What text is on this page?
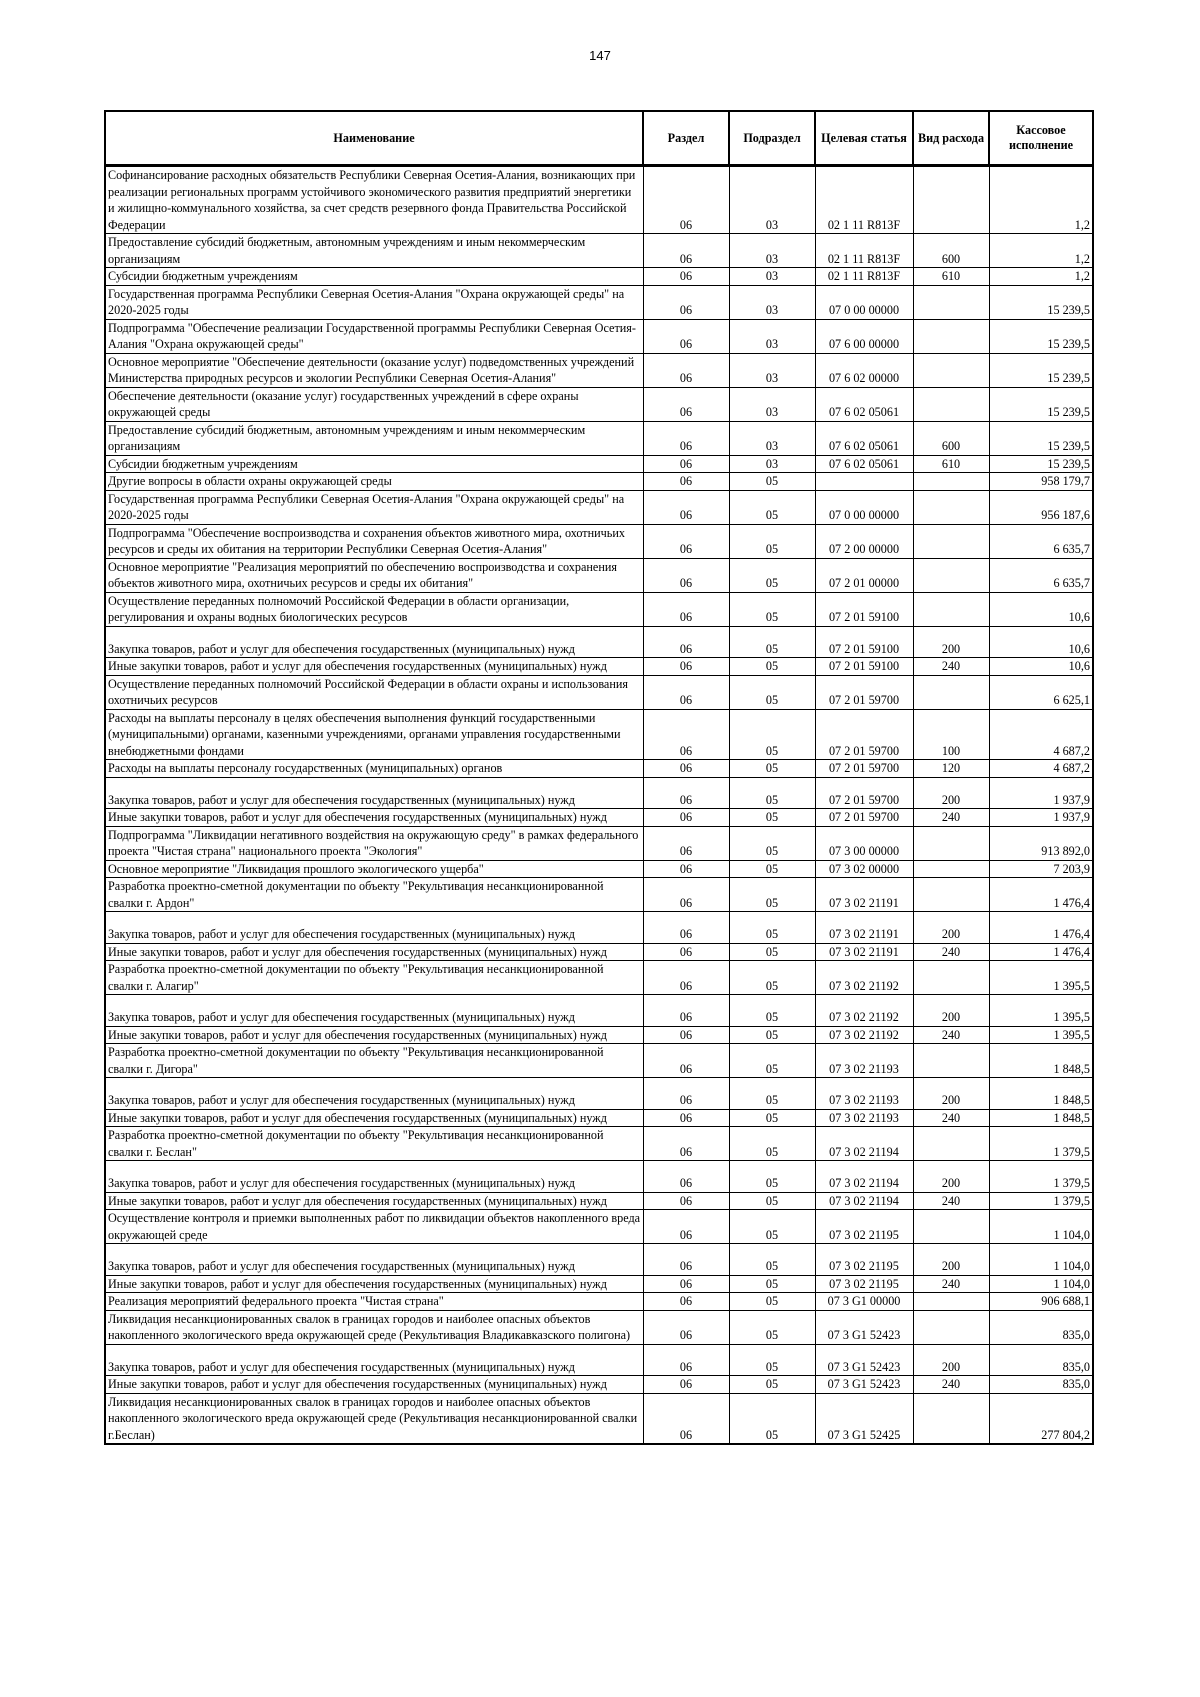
147
Наименование	Раздел	Подраздел	Целевая статья	Вид расхода	Кассовое исполнение

Софинансирование расходных обязательств Республики Северная Осетия-Алания, возникающих при реализации региональных программ устойчивого экономического развития предприятий энергетики и жилищно-коммунального хозяйства, за счет средств резервного фонда Правительства Российской Федерации	06	03	02 1 11 R813F		1,2

Предоставление субсидий бюджетным, автономным учреждениям и иным некоммерческим организациям	06	03	02 1 11 R813F	600	1,2

Субсидии бюджетным учреждениям	06	03	02 1 11 R813F	610	1,2

Государственная программа Республики Северная Осетия-Алания "Охрана окружающей среды" на 2020-2025 годы	06	03	07 0 00 00000		15 239,5

Подпрограмма "Обеспечение реализации Государственной программы Республики Северная Осетия-Алания "Охрана окружающей среды"	06	03	07 6 00 00000		15 239,5

Основное мероприятие "Обеспечение деятельности (оказание услуг) подведомственных учреждений Министерства природных ресурсов и экологии Республики Северная Осетия-Алания"	06	03	07 6 02 00000		15 239,5

Обеспечение деятельности (оказание услуг) государственных учреждений в сфере охраны окружающей среды	06	03	07 6 02 05061		15 239,5

Предоставление субсидий бюджетным, автономным учреждениям и иным некоммерческим организациям	06	03	07 6 02 05061	600	15 239,5

Субсидии бюджетным учреждениям	06	03	07 6 02 05061	610	15 239,5

Другие вопросы в области охраны окружающей среды	06	05			958 179,7

Государственная программа Республики Северная Осетия-Алания "Охрана окружающей среды" на 2020-2025 годы	06	05	07 0 00 00000		956 187,6

Подпрограмма "Обеспечение воспроизводства и сохранения объектов животного мира, охотничьих ресурсов и среды их обитания на территории Республики Северная Осетия-Алания"	06	05	07 2 00 00000		6 635,7

Основное мероприятие "Реализация мероприятий по обеспечению воспроизводства и сохранения объектов животного мира, охотничьих ресурсов и среды их обитания"	06	05	07 2 01 00000		6 635,7

Осуществление переданных полномочий Российской Федерации в области организации, регулирования и охраны водных биологических ресурсов	06	05	07 2 01 59100		10,6

Закупка товаров, работ и услуг для обеспечения государственных (муниципальных) нужд	06	05	07 2 01 59100	200	10,6

Иные закупки товаров, работ и услуг для обеспечения государственных (муниципальных) нужд	06	05	07 2 01 59100	240	10,6

Осуществление переданных полномочий Российской Федерации в области охраны и использования охотничьих ресурсов	06	05	07 2 01 59700		6 625,1

Расходы на выплаты персоналу в целях обеспечения выполнения функций государственными (муниципальными) органами, казенными учреждениями, органами управления государственными внебюджетными фондами	06	05	07 2 01 59700	100	4 687,2

Расходы на выплаты персоналу государственных (муниципальных) органов	06	05	07 2 01 59700	120	4 687,2

Закупка товаров, работ и услуг для обеспечения государственных (муниципальных) нужд	06	05	07 2 01 59700	200	1 937,9

Иные закупки товаров, работ и услуг для обеспечения государственных (муниципальных) нужд	06	05	07 2 01 59700	240	1 937,9

Подпрограмма "Ликвидации негативного воздействия на окружающую среду" в рамках федерального проекта "Чистая страна" национального проекта "Экология"	06	05	07 3 00 00000		913 892,0

Основное мероприятие "Ликвидация прошлого экологического ущерба"	06	05	07 3 02 00000		7 203,9

Разработка проектно-сметной документации по объекту "Рекультивация несанкционированной свалки г. Ардон"	06	05	07 3 02 21191		1 476,4

Закупка товаров, работ и услуг для обеспечения государственных (муниципальных) нужд	06	05	07 3 02 21191	200	1 476,4

Иные закупки товаров, работ и услуг для обеспечения государственных (муниципальных) нужд	06	05	07 3 02 21191	240	1 476,4

Разработка проектно-сметной документации по объекту "Рекультивация несанкционированной свалки г. Алагир"	06	05	07 3 02 21192		1 395,5

Закупка товаров, работ и услуг для обеспечения государственных (муниципальных) нужд	06	05	07 3 02 21192	200	1 395,5

Иные закупки товаров, работ и услуг для обеспечения государственных (муниципальных) нужд	06	05	07 3 02 21192	240	1 395,5

Разработка проектно-сметной документации по объекту "Рекультивация несанкционированной свалки г. Дигора"	06	05	07 3 02 21193		1 848,5

Закупка товаров, работ и услуг для обеспечения государственных (муниципальных) нужд	06	05	07 3 02 21193	200	1 848,5

Иные закупки товаров, работ и услуг для обеспечения государственных (муниципальных) нужд	06	05	07 3 02 21193	240	1 848,5

Разработка проектно-сметной документации по объекту "Рекультивация несанкционированной свалки г. Беслан"	06	05	07 3 02 21194		1 379,5

Закупка товаров, работ и услуг для обеспечения государственных (муниципальных) нужд	06	05	07 3 02 21194	200	1 379,5

Иные закупки товаров, работ и услуг для обеспечения государственных (муниципальных) нужд	06	05	07 3 02 21194	240	1 379,5

Осуществление контроля и приемки выполненных работ по ликвидации объектов накопленного вреда окружающей среде	06	05	07 3 02 21195		1 104,0

Закупка товаров, работ и услуг для обеспечения государственных (муниципальных) нужд	06	05	07 3 02 21195	200	1 104,0

Иные закупки товаров, работ и услуг для обеспечения государственных (муниципальных) нужд	06	05	07 3 02 21195	240	1 104,0

Реализация мероприятий федерального проекта "Чистая страна"	06	05	07 3 G1 00000		906 688,1

Ликвидация несанкционированных свалок в границах городов и наиболее опасных объектов накопленного экологического вреда окружающей среде (Рекультивация Владикавказского полигона)	06	05	07 3 G1 52423		835,0

Закупка товаров, работ и услуг для обеспечения государственных (муниципальных) нужд	06	05	07 3 G1 52423	200	835,0

Иные закупки товаров, работ и услуг для обеспечения государственных (муниципальных) нужд	06	05	07 3 G1 52423	240	835,0

Ликвидация несанкционированных свалок в границах городов и наиболее опасных объектов накопленного экологического вреда окружающей среде (Рекультивация несанкционированной свалки г.Беслан)	06	05	07 3 G1 52425		277 804,2
